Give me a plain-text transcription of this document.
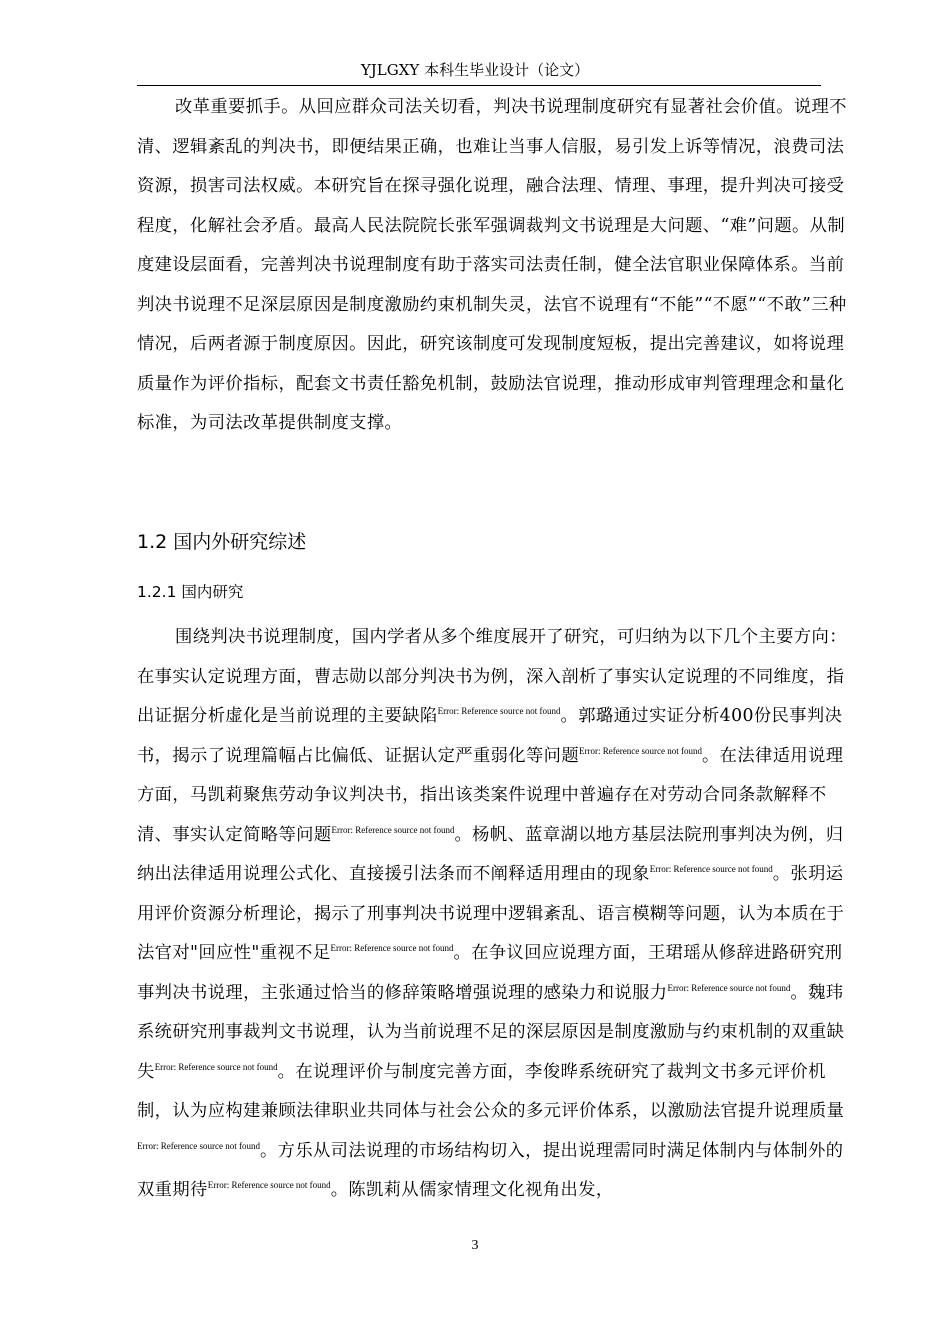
YJLGXY 本科生毕业设计（论文）

改革重要抓手。从回应群众司法关切看，判决书说理制度研究有显著社会价值。说理不清、逻辑紊乱的判决书，即便结果正确，也难让当事人信服，易引发上诉等情况，浪费司法资源，损害司法权威。本研究旨在探寻强化说理，融合法理、情理、事理，提升判决可接受程度，化解社会矛盾。最高人民法院院长张军强调裁判文书说理是大问题、“难”问题。从制度建设层面看，完善判决书说理制度有助于落实司法责任制，健全法官职业保障体系。当前判决书说理不足深层原因是制度激励约束机制失灵，法官不说理有“不能”“不愿”“不敢”三种情况，后两者源于制度原因。因此，研究该制度可发现制度短板，提出完善建议，如将说理质量作为评价指标，配套文书责任豁免机制，鼓励法官说理，推动形成审判管理理念和量化标准，为司法改革提供制度支撑。

1.2 国内外研究综述
1.2.1 国内研究

围绕判决书说理制度，国内学者从多个维度展开了研究，可归纳为以下几个主要方向：在事实认定说理方面，曹志勋以部分判决书为例，深入剖析了事实认定说理的不同维度，指出证据分析虚化是当前说理的主要缺陷$^{Error: Reference source not found}$。郭璐通过实证分析400份民事判决书，揭示了说理篇幅占比偏低、证据认定严重弱化等问题$^{Error: Reference source not found}$。在法律适用说理方面，马凯莉聚焦劳动争议判决书，指出该类案件说理中普遍存在对劳动合同条款解释不清、事实认定简略等问题$^{Error: Reference source not found}$。杨帆、蓝章湖以地方基层法院刑事判决为例，归纳出法律适用说理公式化、直接援引法条而不阐释适用理由的现象$^{Error: Reference source not found}$。张玥运用评价资源分析理论，揭示了刑事判决书说理中逻辑紊乱、语言模糊等问题，认为本质在于法官对"回应性"重视不足$^{Error: Reference source not found}$。在争议回应说理方面，王珺瑶从修辞进路研究刑事判决书说理，主张通过恰当的修辞策略增强说理的感染力和说服力$^{Error: Reference source not found}$。魏玮系统研究刑事裁判文书说理，认为当前说理不足的深层原因是制度激励与约束机制的双重缺失$^{Error: Reference source not found}$。在说理评价与制度完善方面，李俊晔系统研究了裁判文书多元评价机制，认为应构建兼顾法律职业共同体与社会公众的多元评价体系，以激励法官提升说理质量$^{Error: Reference source not found}$。方乐从司法说理的市场结构切入，提出说理需同时满足体制内与体制外的双重期待$^{Error: Reference source not found}$。陈凯莉从儒家情理文化视角出发，

3
